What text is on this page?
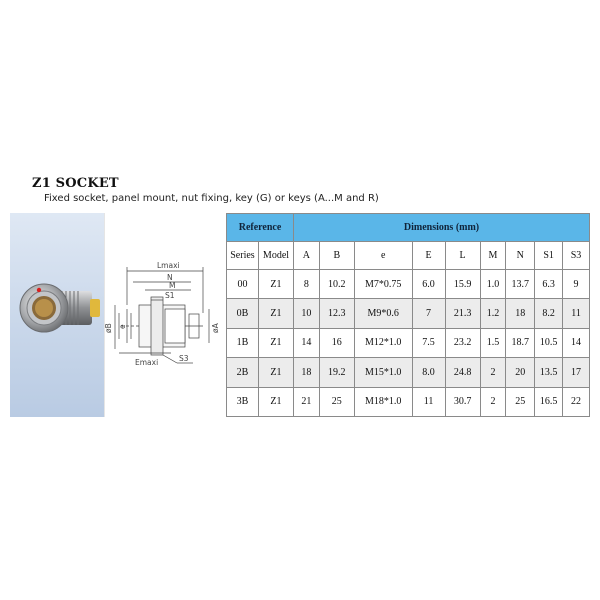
Z1 SOCKET
Fixed socket, panel mount, nut fixing, key (G) or keys (A...M and R)
Lmaxi
N
M
S1
øB e	øA
Emaxi	S3
Reference		Dimensions (mm)								
Series	Model	A	B	e	E	L	M	N	S1	S3
00	Z1	8	10.2	M7*0.75	6.0	15.9	1.0	13.7	6.3	9
0B	Z1	10	12.3	M9*0.6	7	21.3	1.2	18	8.2	11
1B	Z1	14	16	M12*1.0	7.5	23.2	1.5	18.7	10.5	14
2B	Z1	18	19.2	M15*1.0	8.0	24.8	2	20	13.5	17
3B	Z1	21	25	M18*1.0	11	30.7	2	25	16.5	22
